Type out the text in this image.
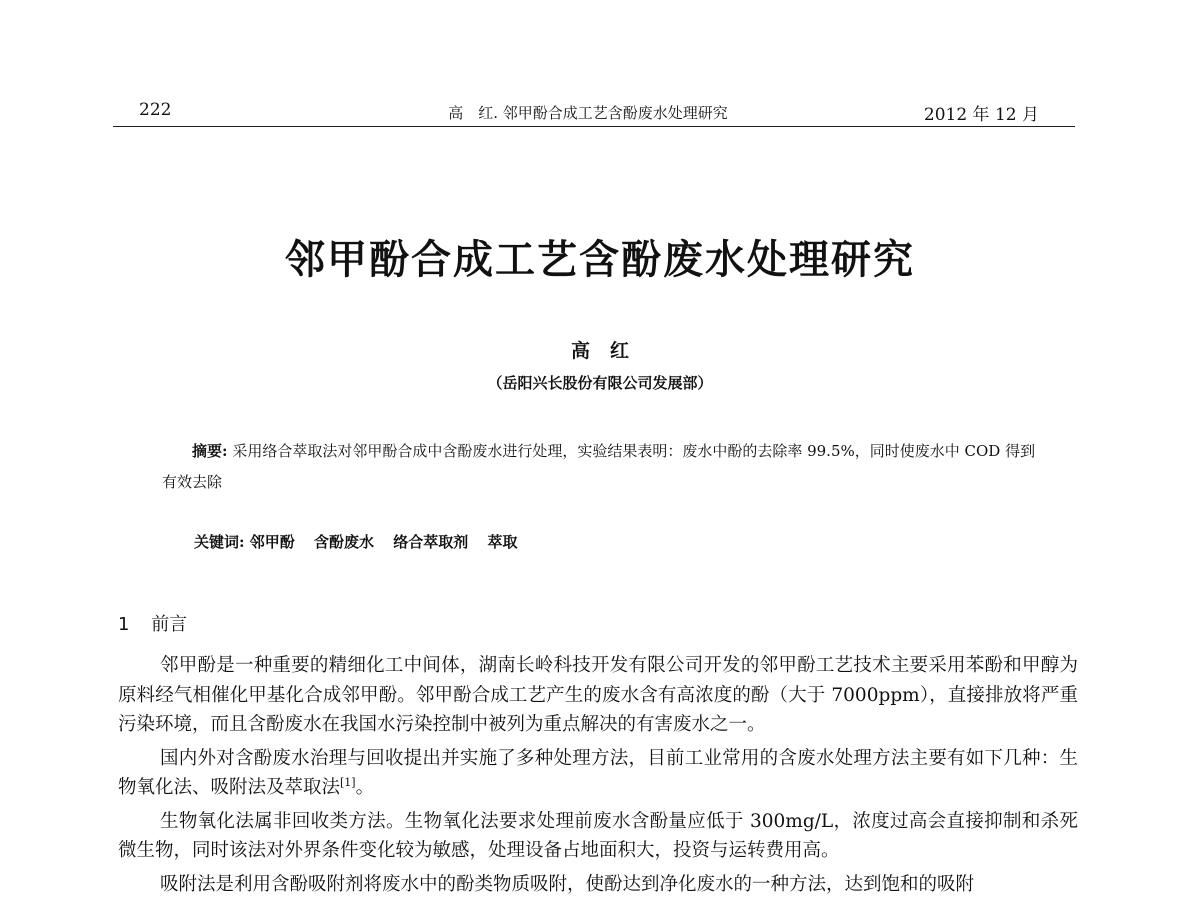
222	高　红. 邻甲酚合成工艺含酚废水处理研究	2012 年 12 月
邻甲酚合成工艺含酚废水处理研究
高红
（岳阳兴长股份有限公司发展部）
摘要: 采用络合萃取法对邻甲酚合成中含酚废水进行处理，实验结果表明：废水中酚的去除率 99.5%，同时使废水中 COD 得到有效去除
关键词: 邻甲酚 含酚废水 络合萃取剂 萃取
1 前言

邻甲酚是一种重要的精细化工中间体，湖南长岭科技开发有限公司开发的邻甲酚工艺技术主要采用苯酚和甲醇为原料经气相催化甲基化合成邻甲酚。邻甲酚合成工艺产生的废水含有高浓度的酚（大于 7000ppm），直接排放将严重污染环境，而且含酚废水在我国水污染控制中被列为重点解决的有害废水之一。

国内外对含酚废水治理与回收提出并实施了多种处理方法，目前工业常用的含废水处理方法主要有如下几种：生物氧化法、吸附法及萃取法[1]。

生物氧化法属非回收类方法。生物氧化法要求处理前废水含酚量应低于 300mg/L，浓度过高会直接抑制和杀死微生物，同时该法对外界条件变化较为敏感，处理设备占地面积大，投资与运转费用高。

吸附法是利用含酚吸附剂将废水中的酚类物质吸附，使酚达到净化废水的一种方法，达到饱和的吸附
